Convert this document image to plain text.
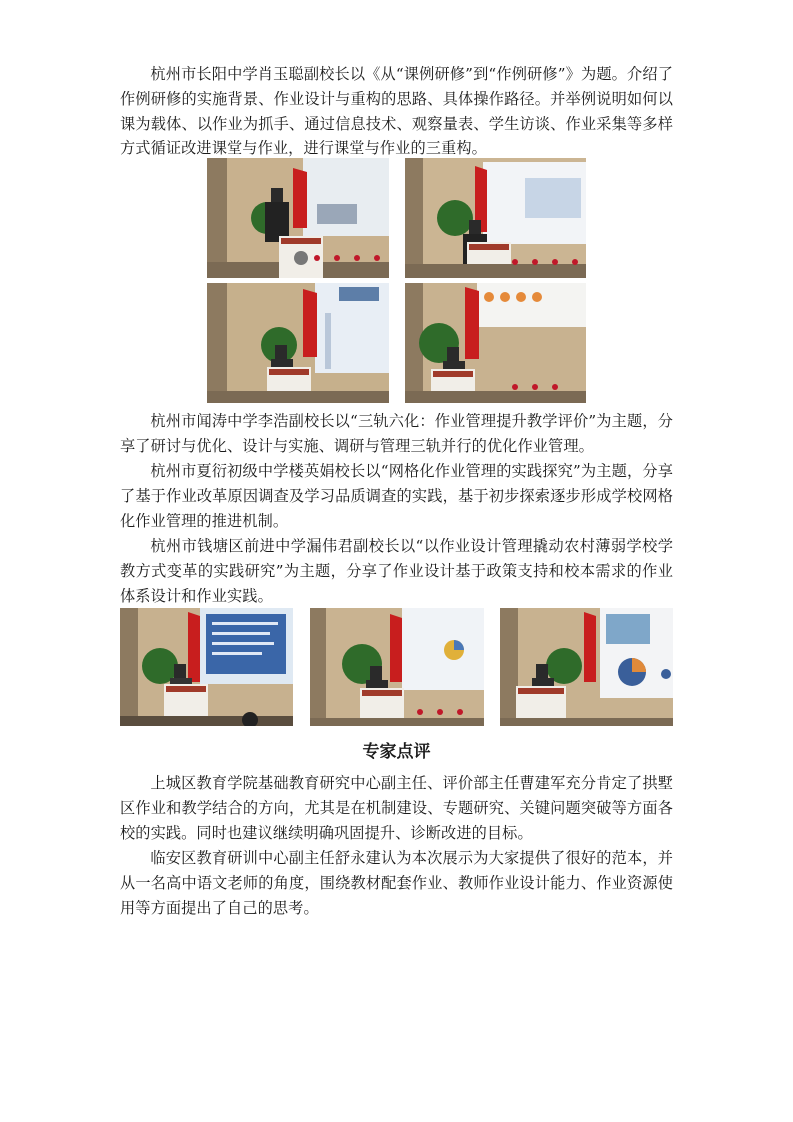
杭州市长阳中学肖玉聪副校长以《从“课例研修”到“作例研修”》为题。介绍了作例研修的实施背景、作业设计与重构的思路、具体操作路径。并举例说明如何以课为载体、以作业为抓手、通过信息技术、观察量表、学生访谈、作业采集等多样方式循证改进课堂与作业，进行课堂与作业的三重构。

杭州市闻涛中学李浩副校长以“三轨六化：作业管理提升教学评价”为主题，分享了研讨与优化、设计与实施、调研与管理三轨并行的优化作业管理。

杭州市夏衍初级中学楼英娟校长以“网格化作业管理的实践探究”为主题，分享了基于作业改革原因调查及学习品质调查的实践，基于初步探索逐步形成学校网格化作业管理的推进机制。

杭州市钱塘区前进中学漏伟君副校长以“以作业设计管理撬动农村薄弱学校学教方式变革的实践研究”为主题，分享了作业设计基于政策支持和校本需求的作业体系设计和作业实践。

专家点评

上城区教育学院基础教育研究中心副主任、评价部主任曹建军充分肯定了拱墅区作业和教学结合的方向，尤其是在机制建设、专题研究、关键问题突破等方面各校的实践。同时也建议继续明确巩固提升、诊断改进的目标。

临安区教育研训中心副主任舒永建认为本次展示为大家提供了很好的范本，并从一名高中语文老师的角度，围绕教材配套作业、教师作业设计能力、作业资源使用等方面提出了自己的思考。
